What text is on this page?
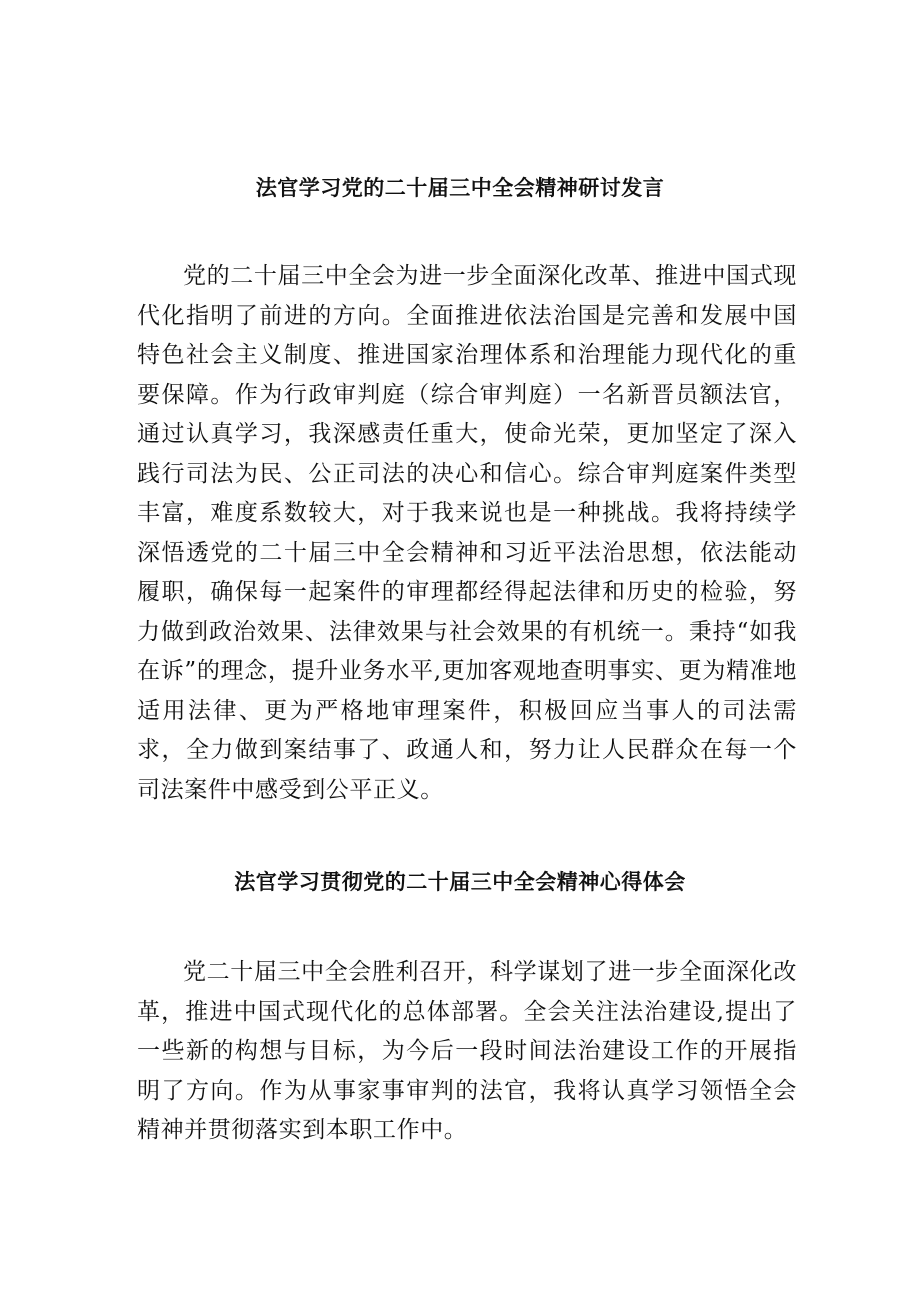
法官学习党的二十届三中全会精神研讨发言

党的二十届三中全会为进一步全面深化改革、推进中国式现代化指明了前进的方向。全面推进依法治国是完善和发展中国特色社会主义制度、推进国家治理体系和治理能力现代化的重要保障。作为行政审判庭（综合审判庭）一名新晋员额法官，通过认真学习，我深感责任重大，使命光荣，更加坚定了深入践行司法为民、公正司法的决心和信心。综合审判庭案件类型丰富，难度系数较大，对于我来说也是一种挑战。我将持续学深悟透党的二十届三中全会精神和习近平法治思想，依法能动履职，确保每一起案件的审理都经得起法律和历史的检验，努力做到政治效果、法律效果与社会效果的有机统一。秉持“如我在诉”的理念，提升业务水平,更加客观地查明事实、更为精准地适用法律、更为严格地审理案件，积极回应当事人的司法需求，全力做到案结事了、政通人和，努力让人民群众在每一个司法案件中感受到公平正义。

法官学习贯彻党的二十届三中全会精神心得体会

党二十届三中全会胜利召开，科学谋划了进一步全面深化改革，推进中国式现代化的总体部署。全会关注法治建设,提出了一些新的构想与目标，为今后一段时间法治建设工作的开展指明了方向。作为从事家事审判的法官，我将认真学习领悟全会精神并贯彻落实到本职工作中。
